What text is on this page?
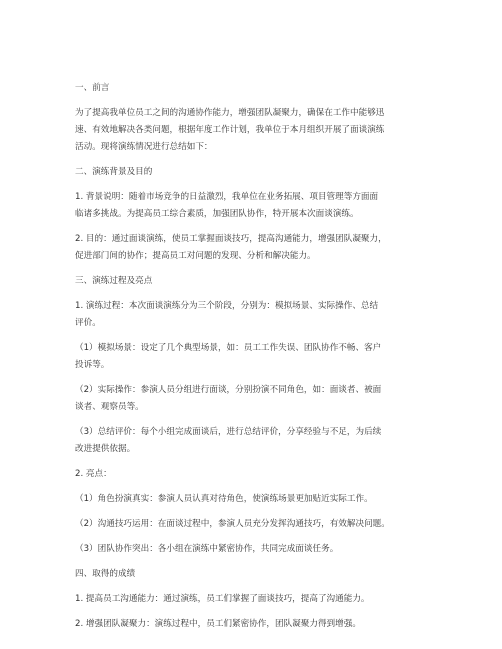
一、前言

为了提高我单位员工之间的沟通协作能力，增强团队凝聚力，确保在工作中能够迅

速、有效地解决各类问题，根据年度工作计划，我单位于本月组织开展了面谈演练

活动。现将演练情况进行总结如下：

二、演练背景及目的

1. 背景说明：随着市场竞争的日益激烈，我单位在业务拓展、项目管理等方面面

临诸多挑战。为提高员工综合素质，加强团队协作，特开展本次面谈演练。

2. 目的：通过面谈演练，使员工掌握面谈技巧，提高沟通能力，增强团队凝聚力，

促进部门间的协作；提高员工对问题的发现、分析和解决能力。

三、演练过程及亮点

1. 演练过程：本次面谈演练分为三个阶段，分别为：模拟场景、实际操作、总结

评价。

（1）模拟场景：设定了几个典型场景，如：员工工作失误、团队协作不畅、客户

投诉等。

（2）实际操作：参演人员分组进行面谈，分别扮演不同角色，如：面谈者、被面

谈者、观察员等。

（3）总结评价：每个小组完成面谈后，进行总结评价，分享经验与不足，为后续

改进提供依据。

2. 亮点：

（1）角色扮演真实：参演人员认真对待角色，使演练场景更加贴近实际工作。

（2）沟通技巧运用：在面谈过程中，参演人员充分发挥沟通技巧，有效解决问题。

（3）团队协作突出：各小组在演练中紧密协作，共同完成面谈任务。

四、取得的成绩

1. 提高员工沟通能力：通过演练，员工们掌握了面谈技巧，提高了沟通能力。

2. 增强团队凝聚力：演练过程中，员工们紧密协作，团队凝聚力得到增强。
